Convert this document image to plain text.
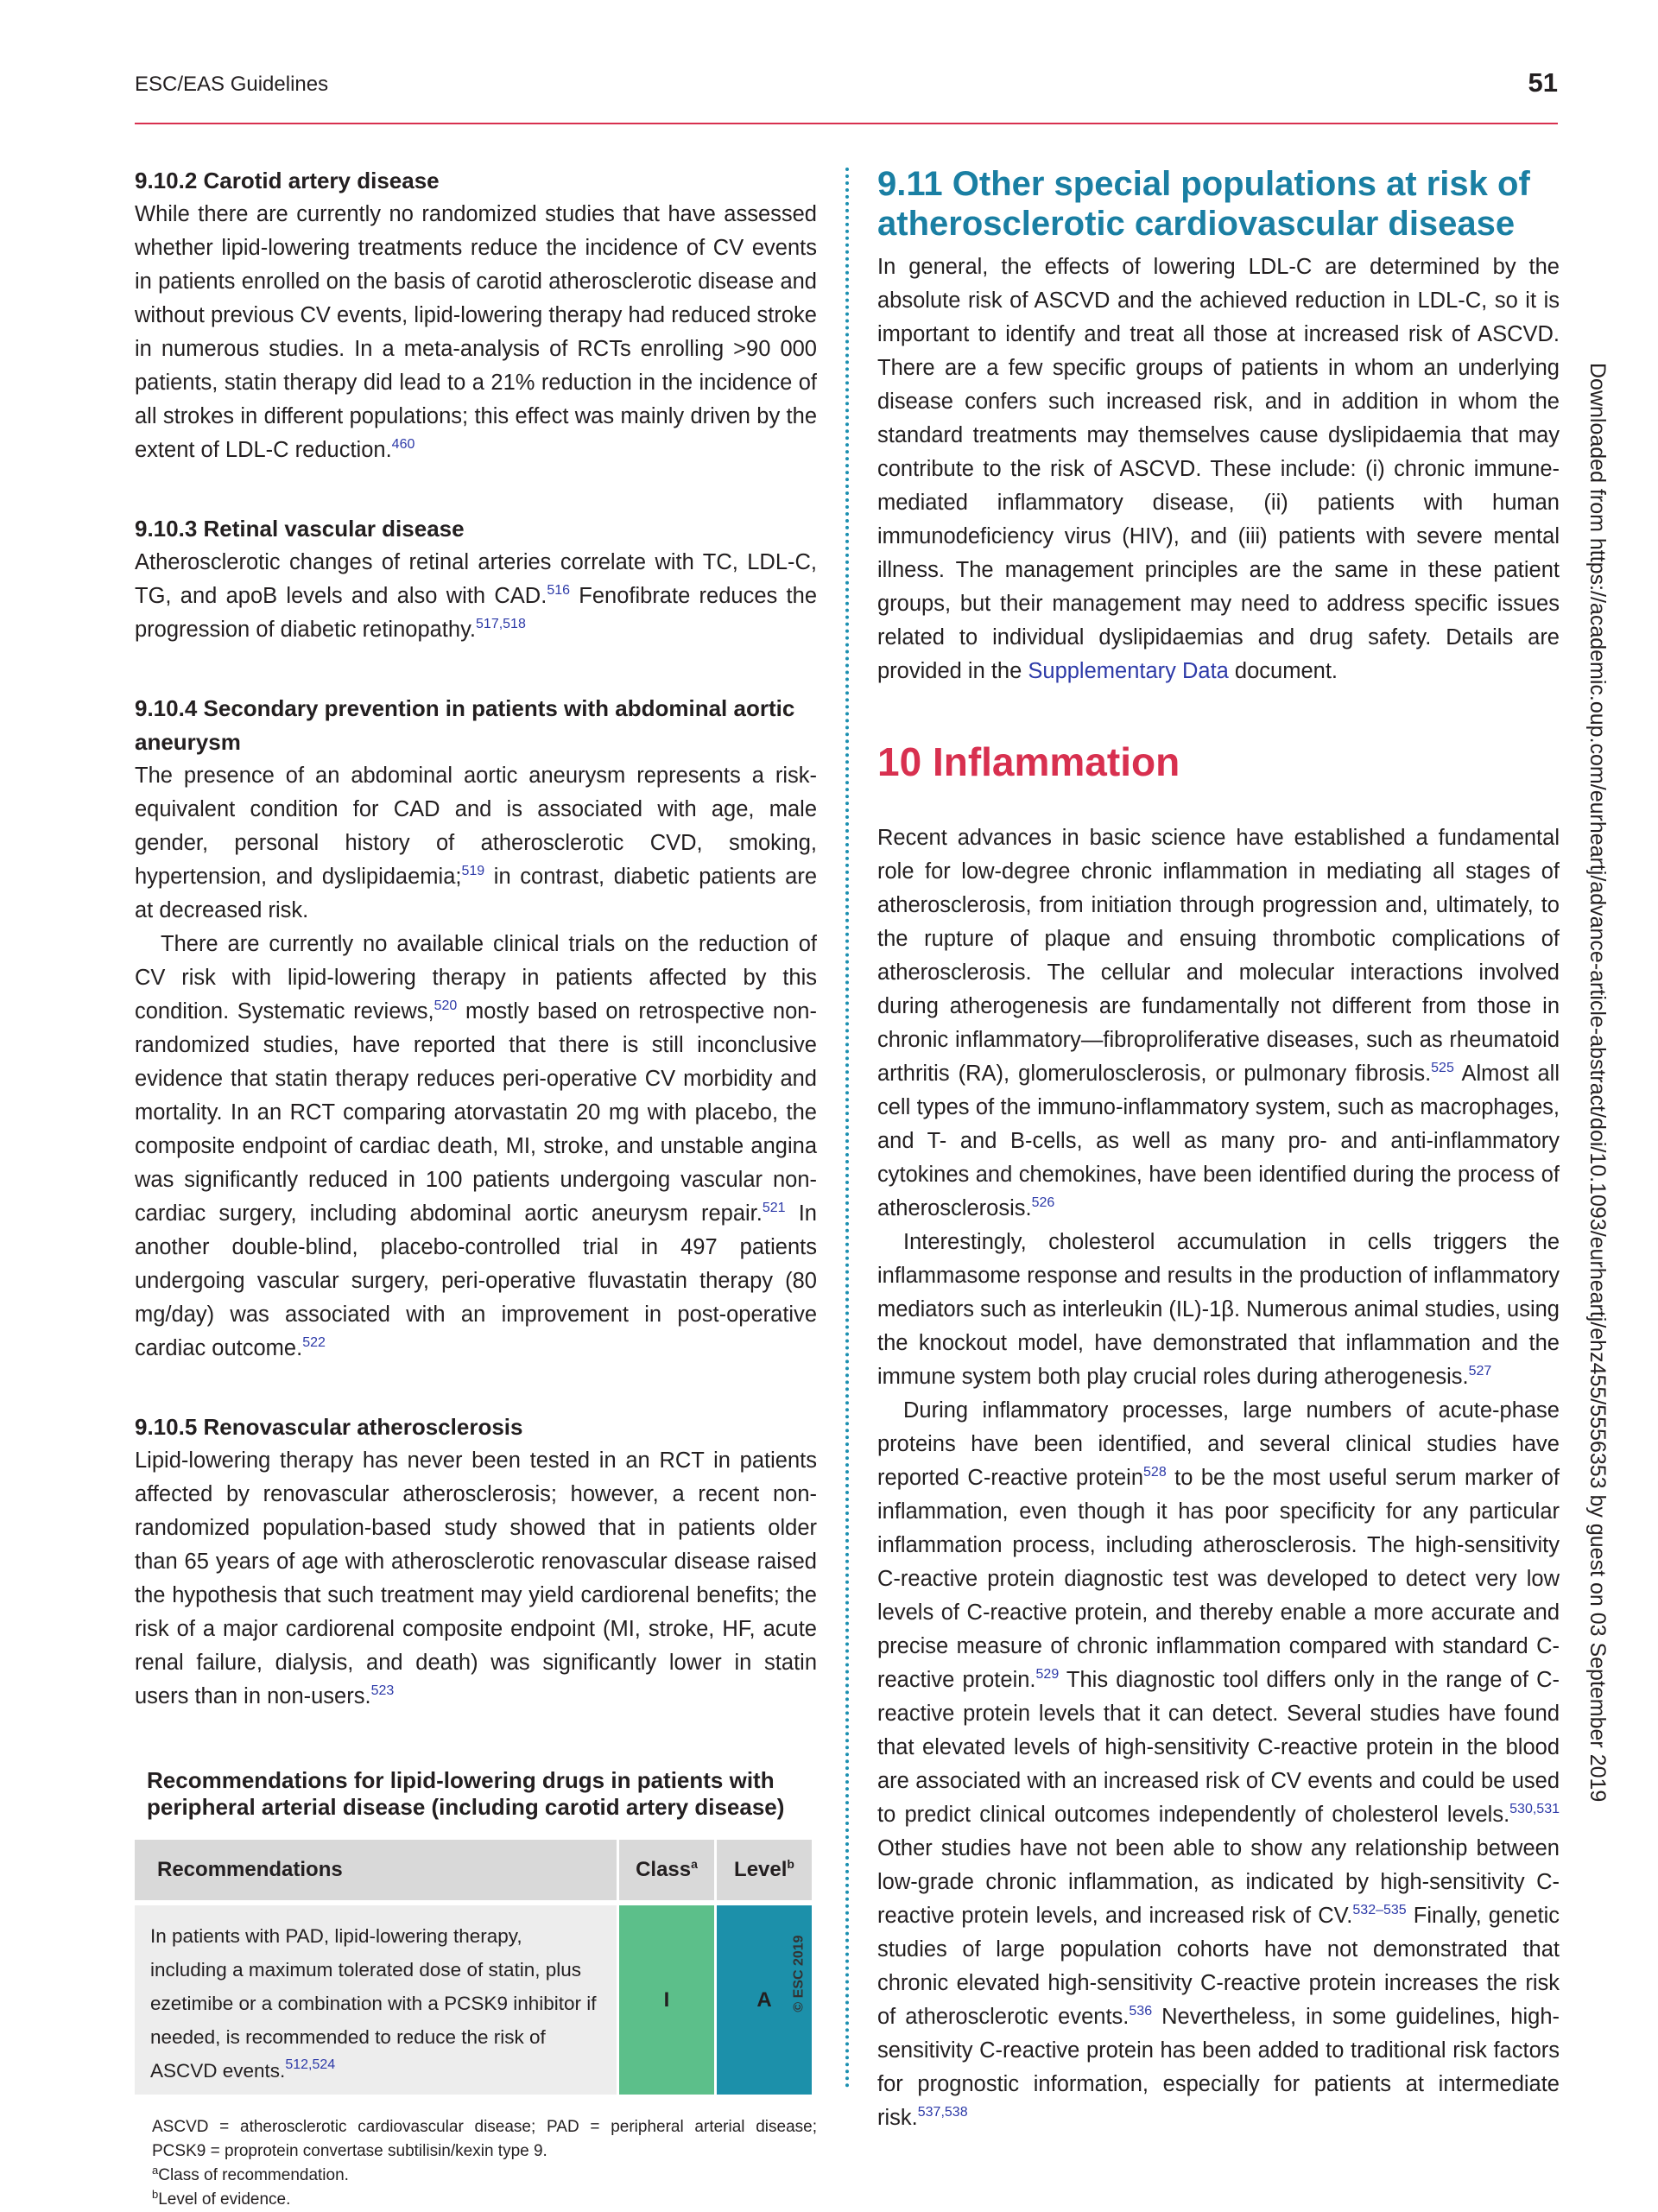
ESC/EAS Guidelines	51
9.10.2 Carotid artery disease

While there are currently no randomized studies that have assessed whether lipid-lowering treatments reduce the incidence of CV events in patients enrolled on the basis of carotid atherosclerotic disease and without previous CV events, lipid-lowering therapy had reduced stroke in numerous studies. In a meta-analysis of RCTs enrolling >90 000 patients, statin therapy did lead to a 21% reduction in the incidence of all strokes in different populations; this effect was mainly driven by the extent of LDL-C reduction.$^{460}$

9.10.3 Retinal vascular disease

Atherosclerotic changes of retinal arteries correlate with TC, LDL-C, TG, and apoB levels and also with CAD.$^{516}$ Fenofibrate reduces the progression of diabetic retinopathy.$^{517,518}$

9.10.4 Secondary prevention in patients with abdominal aortic aneurysm

The presence of an abdominal aortic aneurysm represents a risk-equivalent condition for CAD and is associated with age, male gender, personal history of atherosclerotic CVD, smoking, hypertension, and dyslipidaemia;$^{519}$ in contrast, diabetic patients are at decreased risk.

There are currently no available clinical trials on the reduction of CV risk with lipid-lowering therapy in patients affected by this condition. Systematic reviews,$^{520}$ mostly based on retrospective non-randomized studies, have reported that there is still inconclusive evidence that statin therapy reduces peri-operative CV morbidity and mortality. In an RCT comparing atorvastatin 20 mg with placebo, the composite endpoint of cardiac death, MI, stroke, and unstable angina was significantly reduced in 100 patients undergoing vascular non-cardiac surgery, including abdominal aortic aneurysm repair.$^{521}$ In another double-blind, placebo-controlled trial in 497 patients undergoing vascular surgery, peri-operative fluvastatin therapy (80 mg/day) was associated with an improvement in post-operative cardiac outcome.$^{522}$

9.10.5 Renovascular atherosclerosis

Lipid-lowering therapy has never been tested in an RCT in patients affected by renovascular atherosclerosis; however, a recent non-randomized population-based study showed that in patients older than 65 years of age with atherosclerotic renovascular disease raised the hypothesis that such treatment may yield cardiorenal benefits; the risk of a major cardiorenal composite endpoint (MI, stroke, HF, acute renal failure, dialysis, and death) was significantly lower in statin users than in non-users.$^{523}$

Recommendations for lipid-lowering drugs in patients with peripheral arterial disease (including carotid artery disease)
Recommendations	Class$^a$	Level$^b$
In patients with PAD, lipid-lowering therapy, including a maximum tolerated dose of statin, plus ezetimibe or a combination with a PCSK9 inhibitor if needed, is recommended to reduce the risk of ASCVD events.$^{512,524}$	I	A © ESC 2019

ASCVD = atherosclerotic cardiovascular disease; PAD = peripheral arterial disease; PCSK9 = proprotein convertase subtilisin/kexin type 9.

$^a$Class of recommendation.

$^b$Level of evidence.

9.11 Other special populations at risk of atherosclerotic cardiovascular disease

In general, the effects of lowering LDL-C are determined by the absolute risk of ASCVD and the achieved reduction in LDL-C, so it is important to identify and treat all those at increased risk of ASCVD. There are a few specific groups of patients in whom an underlying disease confers such increased risk, and in addition in whom the standard treatments may themselves cause dyslipidaemia that may contribute to the risk of ASCVD. These include: (i) chronic immune-mediated inflammatory disease, (ii) patients with human immunodeficiency virus (HIV), and (iii) patients with severe mental illness. The management principles are the same in these patient groups, but their management may need to address specific issues related to individual dyslipidaemias and drug safety. Details are provided in the Supplementary Data document.

10 Inflammation

Recent advances in basic science have established a fundamental role for low-degree chronic inflammation in mediating all stages of atherosclerosis, from initiation through progression and, ultimately, to the rupture of plaque and ensuing thrombotic complications of atherosclerosis. The cellular and molecular interactions involved during atherogenesis are fundamentally not different from those in chronic inflammatory—fibroproliferative diseases, such as rheumatoid arthritis (RA), glomerulosclerosis, or pulmonary fibrosis.$^{525}$ Almost all cell types of the immuno-inflammatory system, such as macrophages, and T- and B-cells, as well as many pro- and anti-inflammatory cytokines and chemokines, have been identified during the process of atherosclerosis.$^{526}$

Interestingly, cholesterol accumulation in cells triggers the inflammasome response and results in the production of inflammatory mediators such as interleukin (IL)-1β. Numerous animal studies, using the knockout model, have demonstrated that inflammation and the immune system both play crucial roles during atherogenesis.$^{527}$

During inflammatory processes, large numbers of acute-phase proteins have been identified, and several clinical studies have reported C-reactive protein$^{528}$ to be the most useful serum marker of inflammation, even though it has poor specificity for any particular inflammation process, including atherosclerosis. The high-sensitivity C-reactive protein diagnostic test was developed to detect very low levels of C-reactive protein, and thereby enable a more accurate and precise measure of chronic inflammation compared with standard C-reactive protein.$^{529}$ This diagnostic tool differs only in the range of C-reactive protein levels that it can detect. Several studies have found that elevated levels of high-sensitivity C-reactive protein in the blood are associated with an increased risk of CV events and could be used to predict clinical outcomes independently of cholesterol levels.$^{530,531}$ Other studies have not been able to show any relationship between low-grade chronic inflammation, as indicated by high-sensitivity C-reactive protein levels, and increased risk of CV.$^{532-535}$ Finally, genetic studies of large population cohorts have not demonstrated that chronic elevated high-sensitivity C-reactive protein increases the risk of atherosclerotic events.$^{536}$ Nevertheless, in some guidelines, high-sensitivity C-reactive protein has been added to traditional risk factors for prognostic information, especially for patients at intermediate risk.$^{537,538}$

Downloaded from https://academic.oup.com/eurheartj/advance-article-abstract/doi/10.1093/eurheartj/ehz455/5556353 by guest on 03 September 2019
